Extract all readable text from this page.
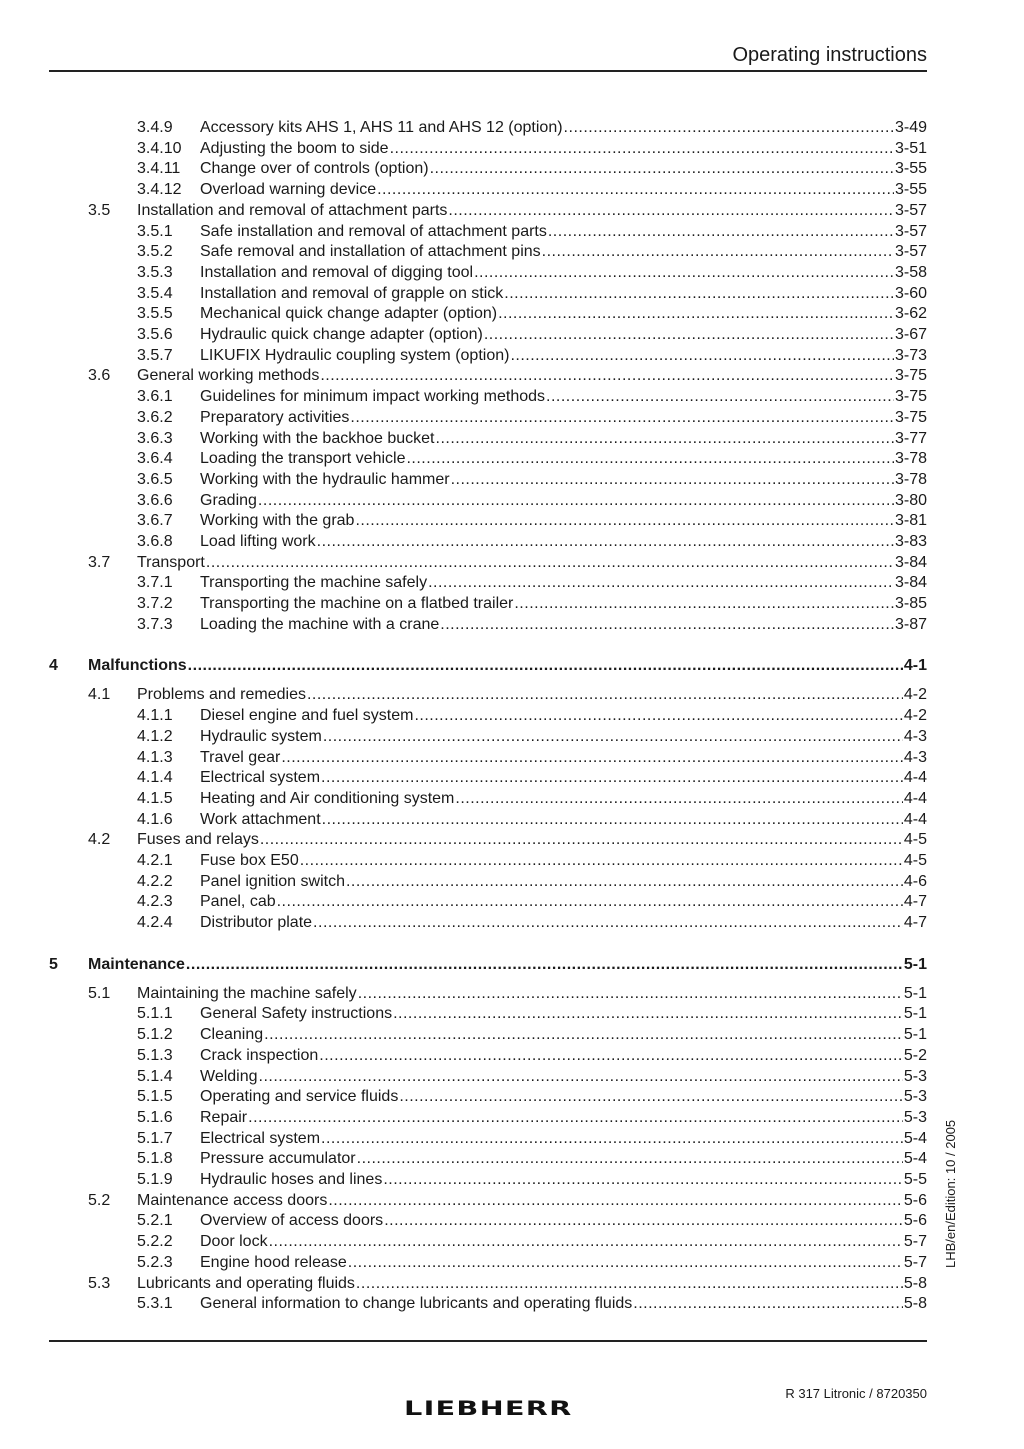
Operating instructions
3.4.9 Accessory kits AHS 1, AHS 11 and AHS 12 (option) .....	3-49
3.4.10 Adjusting the boom to side .....	3-51
3.4.11 Change over of controls (option) .....	3-55
3.4.12 Overload warning device .....	3-55
3.5 Installation and removal of attachment parts .....	3-57
3.5.1 Safe installation and removal of attachment parts .....	3-57
3.5.2 Safe removal and installation of attachment pins .....	3-57
3.5.3 Installation and removal of digging tool .....	3-58
3.5.4 Installation and removal of grapple on stick .....	3-60
3.5.5 Mechanical quick change adapter (option) .....	3-62
3.5.6 Hydraulic quick change adapter (option) .....	3-67
3.5.7 LIKUFIX Hydraulic coupling system (option) .....	3-73
3.6 General working methods .....	3-75
3.6.1 Guidelines for minimum impact working methods .....	3-75
3.6.2 Preparatory activities .....	3-75
3.6.3 Working with the backhoe bucket .....	3-77
3.6.4 Loading the transport vehicle .....	3-78
3.6.5 Working with the hydraulic hammer .....	3-78
3.6.6 Grading .....	3-80
3.6.7 Working with the grab .....	3-81
3.6.8 Load lifting work .....	3-83
3.7 Transport .....	3-84
3.7.1 Transporting the machine safely .....	3-84
3.7.2 Transporting the machine on a flatbed trailer .....	3-85
3.7.3 Loading the machine with a crane .....	3-87
4 Malfunctions .....	4-1
4.1 Problems and remedies .....	4-2
4.1.1 Diesel engine and fuel system .....	4-2
4.1.2 Hydraulic system .....	4-3
4.1.3 Travel gear .....	4-3
4.1.4 Electrical system .....	4-4
4.1.5 Heating and Air conditioning system .....	4-4
4.1.6 Work attachment .....	4-4
4.2 Fuses and relays .....	4-5
4.2.1 Fuse box E50 .....	4-5
4.2.2 Panel ignition switch .....	4-6
4.2.3 Panel, cab .....	4-7
4.2.4 Distributor plate .....	4-7
5 Maintenance .....	5-1
5.1 Maintaining the machine safely .....	5-1
5.1.1 General Safety instructions .....	5-1
5.1.2 Cleaning .....	5-1
5.1.3 Crack inspection .....	5-2
5.1.4 Welding .....	5-3
5.1.5 Operating and service fluids .....	5-3
5.1.6 Repair .....	5-3
5.1.7 Electrical system .....	5-4
5.1.8 Pressure accumulator .....	5-4
5.1.9 Hydraulic hoses and lines .....	5-5
5.2 Maintenance access doors .....	5-6
5.2.1 Overview of access doors .....	5-6
5.2.2 Door lock .....	5-7
5.2.3 Engine hood release .....	5-7
5.3 Lubricants and operating fluids .....	5-8
5.3.1 General information to change lubricants and operating fluids .....	5-8
LHB/en/Edition: 10 / 2005
R 317 Litronic / 8720350
LIEBHERR
